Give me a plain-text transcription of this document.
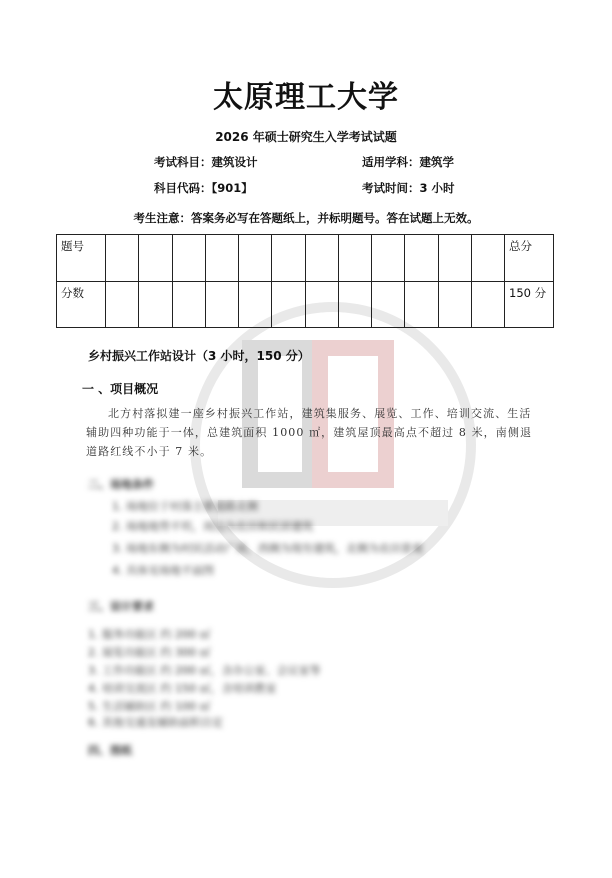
太原理工大学
2026 年硕士研究生入学考试试题
考试科目：建筑设计	适用学科：建筑学
科目代码：【901】	考试时间：3 小时
考生注意：答案务必写在答题纸上，并标明题号。答在试题上无效。
题号													总分
分数													150 分
乡村振兴工作站设计（3 小时，150 分）
一 、项目概况
北方村落拟建一座乡村振兴工作站，建筑集服务、展览、工作、培训交流、生活辅助四种功能于一体，总建筑面积 1000 ㎡，建筑屋顶最高点不超过 8 米，南侧退道路红线不小于 7 米。
二、场地条件
1. 场地位于村落主要道路北侧
2. 场地地势平坦，周边为农田和民居建筑
3. 场地东侧为村民活动广场，西侧为现有建筑，北侧为农田景观
4. 具体见场地平面图
三、设计要求
1. 服务功能区 约 200 ㎡
2. 展览功能区 约 300 ㎡
3. 工作功能区 约 200 ㎡，含办公室、会议室等
4. 培训交流区 约 150 ㎡，含培训教室
5. 生活辅助区 约 100 ㎡
6. 其他交通及辅助面积自定
四、图纸
